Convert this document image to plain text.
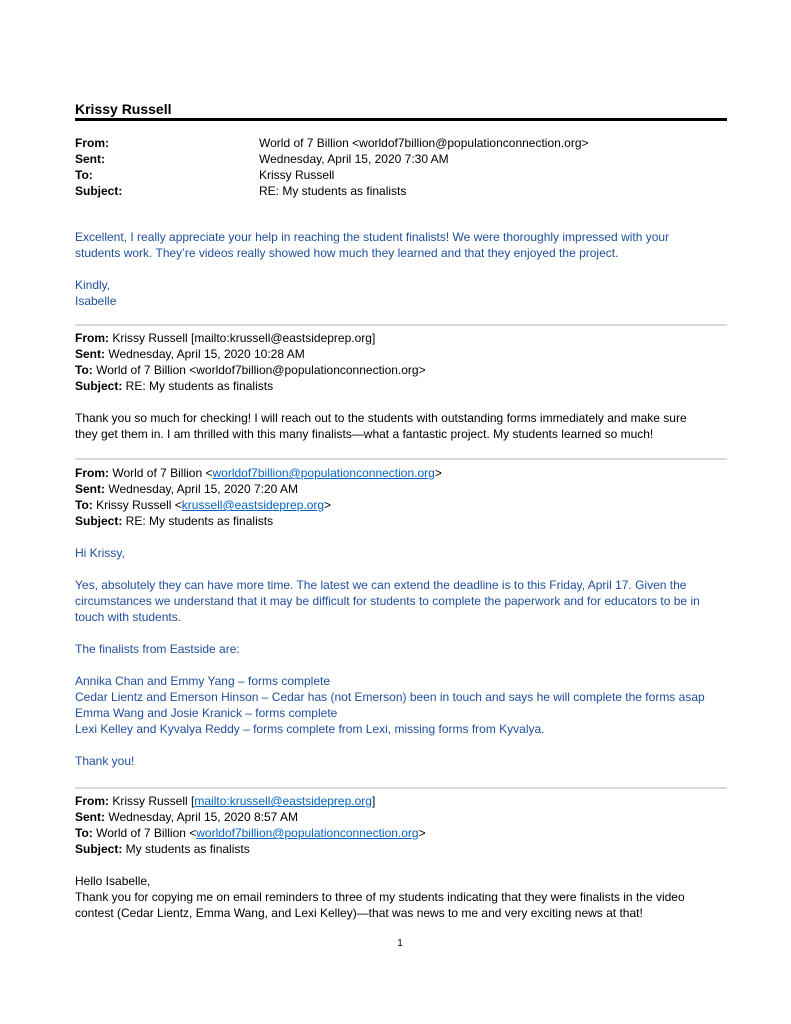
Krissy Russell
From:	World of 7 Billion <worldof7billion@populationconnection.org>
Sent:	Wednesday, April 15, 2020 7:30 AM
To:	Krissy Russell
Subject:	RE: My students as finalists

Excellent, I really appreciate your help in reaching the student finalists! We were thoroughly impressed with your

students work. They’re videos really showed how much they learned and that they enjoyed the project.

Kindly,

Isabelle

From: Krissy Russell [mailto:krussell@eastsideprep.org]
Sent: Wednesday, April 15, 2020 10:28 AM
To: World of 7 Billion <worldof7billion@populationconnection.org>
Subject: RE: My students as finalists

Thank you so much for checking! I will reach out to the students with outstanding forms immediately and make sure

they get them in. I am thrilled with this many finalists—what a fantastic project. My students learned so much!

From: World of 7 Billion <worldof7billion@populationconnection.org>
Sent: Wednesday, April 15, 2020 7:20 AM
To: Krissy Russell <krussell@eastsideprep.org>
Subject: RE: My students as finalists

Hi Krissy,

Yes, absolutely they can have more time. The latest we can extend the deadline is to this Friday, April 17. Given the

circumstances we understand that it may be difficult for students to complete the paperwork and for educators to be in

touch with students.

The finalists from Eastside are:

Annika Chan and Emmy Yang – forms complete

Cedar Lientz and Emerson Hinson – Cedar has (not Emerson) been in touch and says he will complete the forms asap

Emma Wang and Josie Kranick – forms complete

Lexi Kelley and Kyvalya Reddy – forms complete from Lexi, missing forms from Kyvalya.

Thank you!

From: Krissy Russell [mailto:krussell@eastsideprep.org]
Sent: Wednesday, April 15, 2020 8:57 AM
To: World of 7 Billion <worldof7billion@populationconnection.org>
Subject: My students as finalists

Hello Isabelle,

Thank you for copying me on email reminders to three of my students indicating that they were finalists in the video

contest (Cedar Lientz, Emma Wang, and Lexi Kelley)—that was news to me and very exciting news at that!

1
